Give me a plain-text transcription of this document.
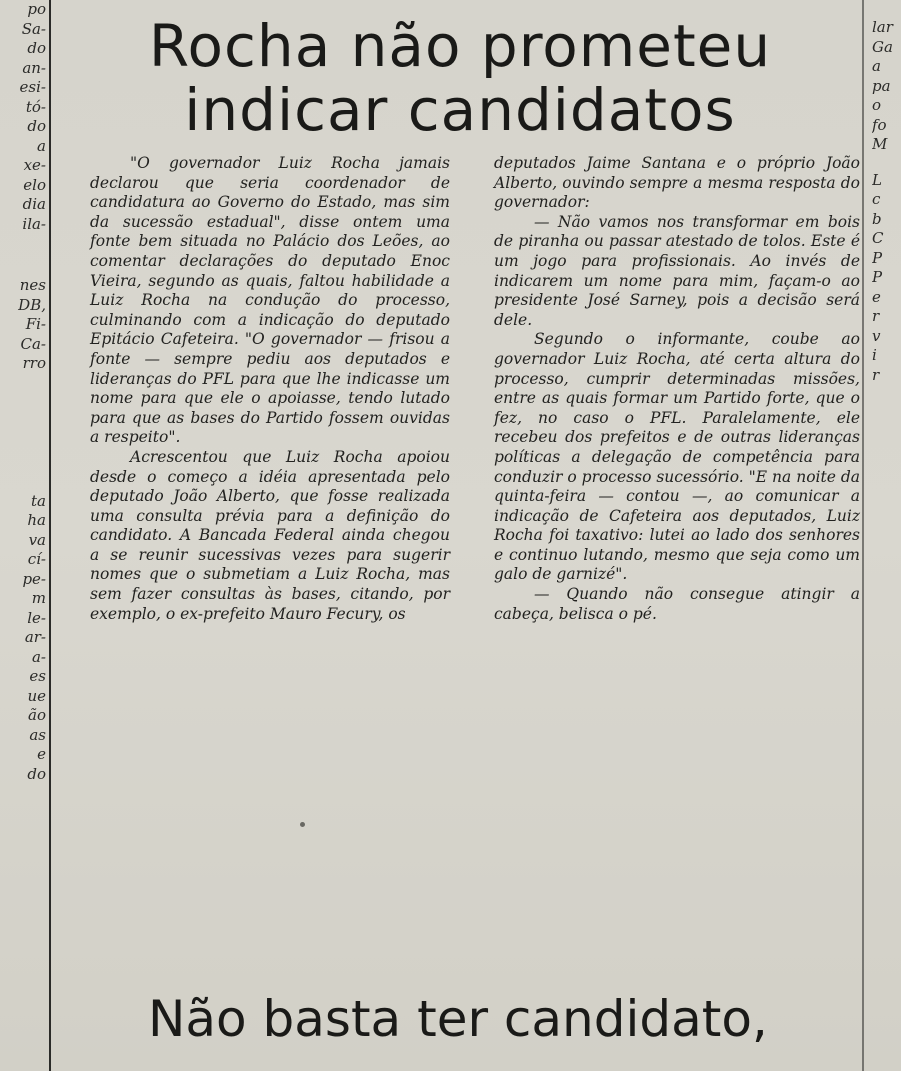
po
Sa-
do
an-
esi-
tó-
do
a
xe-
elo
dia
ila-
nes
DB,
Fi-
Ca-
rro
ta
ha
va
cí-
pe-
m
le-
ar-
a-
es
ue
ão
as
e
do
lar
Ga
a
pa
o
fo
M
L
c
b
C
P
P
e
r
v
i
r
Rocha não prometeu
indicar candidatos

"O governador Luiz Rocha jamais declarou que seria coordenador de candidatura ao Governo do Estado, mas sim da sucessão estadual", disse ontem uma fonte bem situada no Palácio dos Leões, ao comentar declarações do deputado Enoc Vieira, segundo as quais, faltou habilidade a Luiz Rocha na condução do processo, culminando com a indicação do deputado Epitácio Cafeteira. "O governador — frisou a fonte — sempre pediu aos deputados e lideranças do PFL para que lhe indicasse um nome para que ele o apoiasse, tendo lutado para que as bases do Partido fossem ouvidas a respeito".

Acrescentou que Luiz Rocha apoiou desde o começo a idéia apresentada pelo deputado João Alberto, que fosse realizada uma consulta prévia para a definição do candidato. A Bancada Federal ainda chegou a se reunir sucessivas vezes para sugerir nomes que o submetiam a Luiz Rocha, mas sem fazer consultas às bases, citando, por exemplo, o ex-prefeito Mauro Fecury, os

deputados Jaime Santana e o próprio João Alberto, ouvindo sempre a mesma resposta do governador:

— Não vamos nos transformar em bois de piranha ou passar atestado de tolos. Este é um jogo para profissionais. Ao invés de indicarem um nome para mim, façam-o ao presidente José Sarney, pois a decisão será dele.

Segundo o informante, coube ao governador Luiz Rocha, até certa altura do processo, cumprir determinadas missões, entre as quais formar um Partido forte, que o fez, no caso o PFL. Paralelamente, ele recebeu dos prefeitos e de outras lideranças políticas a delegação de competência para conduzir o processo sucessório. "E na noite da quinta-feira — contou —, ao comunicar a indicação de Cafeteira aos deputados, Luiz Rocha foi taxativo: lutei ao lado dos senhores e continuo lutando, mesmo que seja como um galo de garnizé".

— Quando não consegue atingir a cabeça, belisca o pé.

Não basta ter candidato,
